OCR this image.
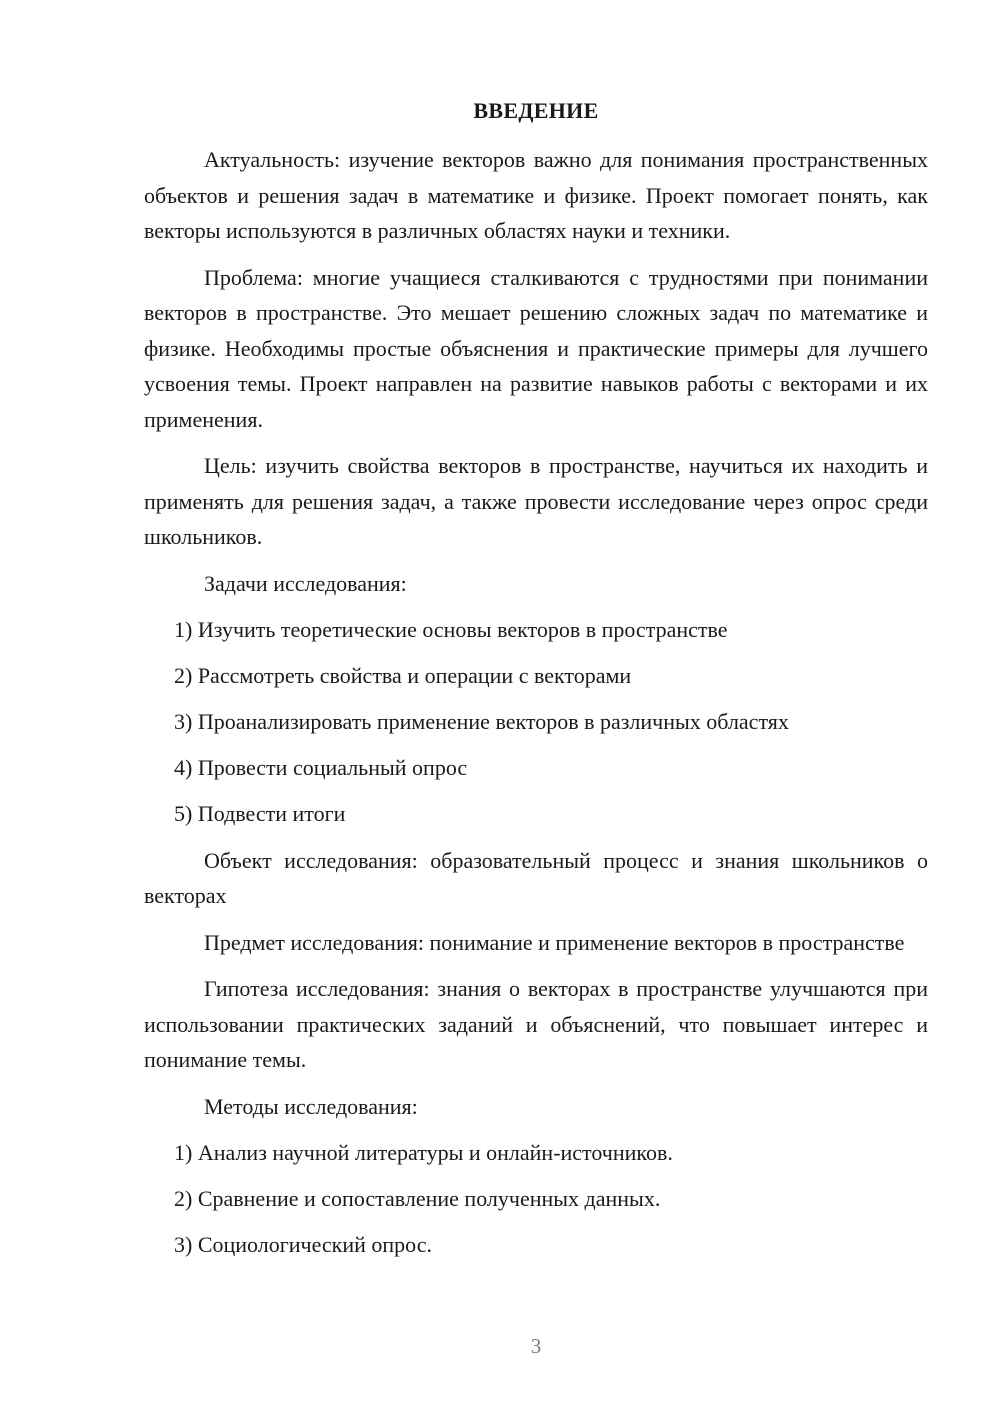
ВВЕДЕНИЕ

Актуальность: изучение векторов важно для понимания пространственных объектов и решения задач в математике и физике. Проект помогает понять, как векторы используются в различных областях науки и техники.

Проблема: многие учащиеся сталкиваются с трудностями при понимании векторов в пространстве. Это мешает решению сложных задач по математике и физике. Необходимы простые объяснения и практические примеры для лучшего усвоения темы. Проект направлен на развитие навыков работы с векторами и их применения.

Цель: изучить свойства векторов в пространстве, научиться их находить и применять для решения задач, а также провести исследование через опрос среди школьников.

Задачи исследования:

1) Изучить теоретические основы векторов в пространстве
2) Рассмотреть свойства и операции с векторами
3) Проанализировать применение векторов в различных областях
4) Провести социальный опрос
5) Подвести итоги

Объект исследования: образовательный процесс и знания школьников о векторах

Предмет исследования: понимание и применение векторов в пространстве

Гипотеза исследования: знания о векторах в пространстве улучшаются при использовании практических заданий и объяснений, что повышает интерес и понимание темы.

Методы исследования:

1) Анализ научной литературы и онлайн-источников.
2) Сравнение и сопоставление полученных данных.
3) Социологический опрос.
3
